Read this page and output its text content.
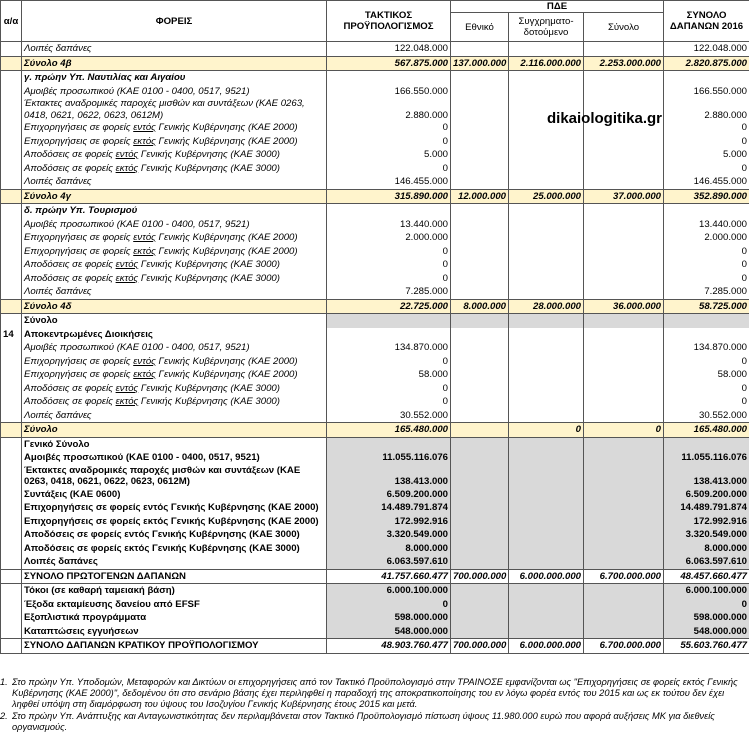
α/α	ΦΟΡΕΙΣ	ΤΑΚΤΙΚΟΣ
ΠΡΟΫΠΟΛΟΓΙΣΜΟΣ	ΠΔΕ			ΣΥΝΟΛΟ
ΔΑΠΑΝΩΝ 2016
			Εθνικό	Συγχρηματο-
δοτούμενο	Σύνολο	
	Λοιπές δαπάνες	122.048.000				122.048.000
	Σύνολο 4β	567.875.000	137.000.000	2.116.000.000	2.253.000.000	2.820.875.000
	γ. πρώην Υπ. Ναυτιλίας και Αιγαίου					
	Αμοιβές προσωπικού (ΚΑΕ 0100 - 0400, 0517, 9521)	166.550.000				166.550.000
	Έκτακτες αναδρομικές παροχές μισθών και συντάξεων (ΚΑΕ 0263, 0418, 0621, 0622, 0623, 0612Μ)	2.880.000				2.880.000
	Επιχορηγήσεις σε φορείς εντός Γενικής Κυβέρνησης (ΚΑΕ 2000)	0				0
	Επιχορηγήσεις σε φορείς εκτός Γενικής Κυβέρνησης (ΚΑΕ 2000)	0				0
	Αποδόσεις σε φορείς εντός Γενικής Κυβέρνησης (ΚΑΕ 3000)	5.000				5.000
	Αποδόσεις σε φορείς εκτός Γενικής Κυβέρνησης (ΚΑΕ 3000)	0				0
	Λοιπές δαπάνες	146.455.000				146.455.000
	Σύνολο 4γ	315.890.000	12.000.000	25.000.000	37.000.000	352.890.000
	δ. πρώην Υπ. Τουρισμού					
	Αμοιβές προσωπικού (ΚΑΕ 0100 - 0400, 0517, 9521)	13.440.000				13.440.000
	Επιχορηγήσεις σε φορείς εντός Γενικής Κυβέρνησης (ΚΑΕ 2000)	2.000.000				2.000.000
	Επιχορηγήσεις σε φορείς εκτός Γενικής Κυβέρνησης (ΚΑΕ 2000)	0				0
	Αποδόσεις σε φορείς εντός Γενικής Κυβέρνησης (ΚΑΕ 3000)	0				0
	Αποδόσεις σε φορείς εκτός Γενικής Κυβέρνησης (ΚΑΕ 3000)	0				0
	Λοιπές δαπάνες	7.285.000				7.285.000
	Σύνολο 4δ	22.725.000	8.000.000	28.000.000	36.000.000	58.725.000
	Σύνολο					
14	Αποκεντρωμένες Διοικήσεις					
	Αμοιβές προσωπικού (ΚΑΕ 0100 - 0400, 0517, 9521)	134.870.000				134.870.000
	Επιχορηγήσεις σε φορείς εντός Γενικής Κυβέρνησης (ΚΑΕ 2000)	0				0
	Επιχορηγήσεις σε φορείς εκτός Γενικής Κυβέρνησης (ΚΑΕ 2000)	58.000				58.000
	Αποδόσεις σε φορείς εντός Γενικής Κυβέρνησης (ΚΑΕ 3000)	0				0
	Αποδόσεις σε φορείς εκτός Γενικής Κυβέρνησης (ΚΑΕ 3000)	0				0
	Λοιπές δαπάνες	30.552.000				30.552.000
	Σύνολο	165.480.000		0	0	165.480.000
	Γενικό Σύνολο					
	Αμοιβές προσωπικού (ΚΑΕ 0100 - 0400, 0517, 9521)	11.055.116.076				11.055.116.076
	Έκτακτες αναδρομικές παροχές μισθών και συντάξεων (ΚΑΕ 0263, 0418, 0621, 0622, 0623, 0612Μ)	138.413.000				138.413.000
	Συντάξεις (ΚΑΕ 0600)	6.509.200.000				6.509.200.000
	Επιχορηγήσεις σε φορείς εντός Γενικής Κυβέρνησης (ΚΑΕ 2000)	14.489.791.874				14.489.791.874
	Επιχορηγήσεις σε φορείς εκτός Γενικής Κυβέρνησης (ΚΑΕ 2000)	172.992.916				172.992.916
	Αποδόσεις σε φορείς εντός Γενικής Κυβέρνησης (ΚΑΕ 3000)	3.320.549.000				3.320.549.000
	Αποδόσεις σε φορείς εκτός Γενικής Κυβέρνησης (ΚΑΕ 3000)	8.000.000				8.000.000
	Λοιπές δαπάνες	6.063.597.610				6.063.597.610
	ΣΥΝΟΛΟ ΠΡΩΤΟΓΕΝΩΝ ΔΑΠΑΝΩΝ	41.757.660.477	700.000.000	6.000.000.000	6.700.000.000	48.457.660.477
	Τόκοι (σε καθαρή ταμειακή βάση)	6.000.100.000				6.000.100.000
	Έξοδα εκταμίευσης δανείου από EFSF	0				0
	Εξοπλιστικά προγράμματα	598.000.000				598.000.000
	Καταπτώσεις εγγυήσεων	548.000.000				548.000.000
	ΣΥΝΟΛΟ ΔΑΠΑΝΩΝ ΚΡΑΤΙΚΟΥ ΠΡΟΫΠΟΛΟΓΙΣΜΟΥ	48.903.760.477	700.000.000	6.000.000.000	6.700.000.000	55.603.760.477
dikaiologitika.gr
1. Στο πρώην Υπ. Υποδομών, Μεταφορών και Δικτύων οι επιχορηγήσεις από τον Τακτικό Προϋπολογισμό στην ΤΡΑΙΝΟΣΕ εμφανίζονται ως "Επιχορηγήσεις σε φορείς εκτός Γενικής Κυβέρνησης (ΚΑΕ 2000)", δεδομένου ότι στο σενάριο βάσης έχει περιληφθεί η παραδοχή της αποκρατικοποίησης του εν λόγω φορέα εντός του 2015 και ως εκ τούτου δεν έχει ληφθεί υπόψη στη διαμόρφωση του ύψους του Ισοζυγίου Γενικής Κυβέρνησης έτους 2015 και μετά.
2. Στο πρώην Υπ. Ανάπτυξης και Ανταγωνιστικότητας δεν περιλαμβάνεται στον Τακτικό Προϋπολογισμό πίστωση ύψους 11.980.000 ευρώ που αφορά αυξήσεις ΜΚ για διεθνείς οργανισμούς.
